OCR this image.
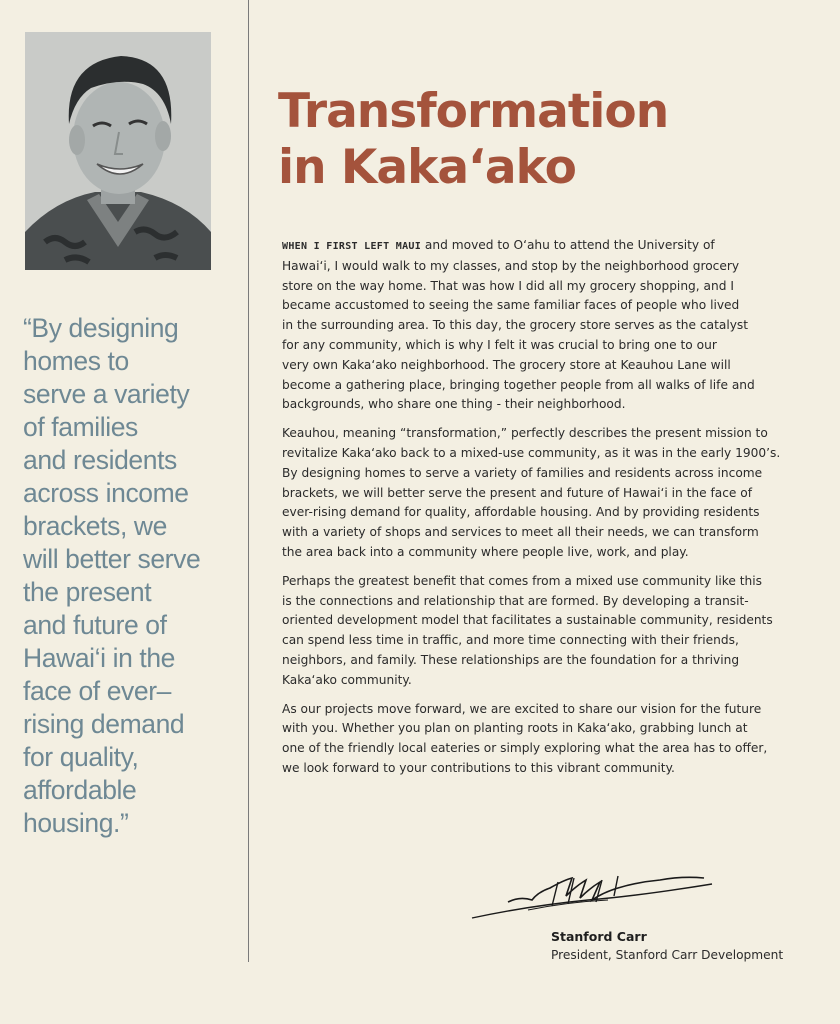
“By designing
homes to
serve a variety
of families
and residents
across income
brackets, we
will better serve
the present
and future of
Hawai‘i in the
face of ever–
rising demand
for quality,
affordable
housing.”
Transformation
in Kaka‘ako
WHEN I FIRST LEFT MAUI and moved to O‘ahu to attend the University of
Hawai‘i, I would walk to my classes, and stop by the neighborhood grocery
store on the way home. That was how I did all my grocery shopping, and I
became accustomed to seeing the same familiar faces of people who lived
in the surrounding area. To this day, the grocery store serves as the catalyst
for any community, which is why I felt it was crucial to bring one to our
very own Kaka‘ako neighborhood. The grocery store at Keauhou Lane will
become a gathering place, bringing together people from all walks of life and
backgrounds, who share one thing - their neighborhood.
Keauhou, meaning “transformation,” perfectly describes the present mission to
revitalize Kaka‘ako back to a mixed-use community, as it was in the early 1900’s.
By designing homes to serve a variety of families and residents across income
brackets, we will better serve the present and future of Hawai‘i in the face of
ever-rising demand for quality, affordable housing. And by providing residents
with a variety of shops and services to meet all their needs, we can transform
the area back into a community where people live, work, and play.
Perhaps the greatest benefit that comes from a mixed use community like this
is the connections and relationship that are formed. By developing a transit-
oriented development model that facilitates a sustainable community, residents
can spend less time in traffic, and more time connecting with their friends,
neighbors, and family. These relationships are the foundation for a thriving
Kaka‘ako community.
As our projects move forward, we are excited to share our vision for the future
with you. Whether you plan on planting roots in Kaka‘ako, grabbing lunch at
one of the friendly local eateries or simply exploring what the area has to offer,
we look forward to your contributions to this vibrant community.
Stanford Carr
President, Stanford Carr Development
